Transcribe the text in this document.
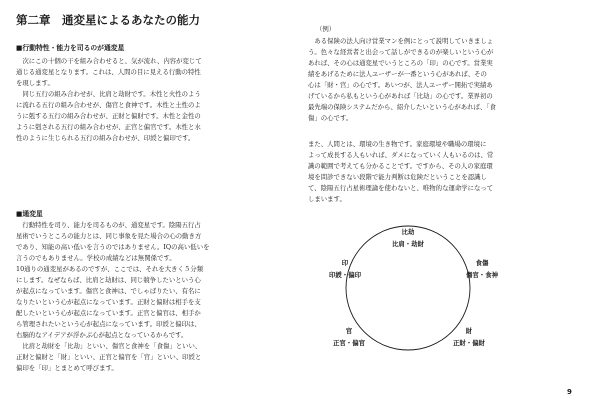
第二章　通変星によるあなたの能力
■行動特性・能力を司るのが通変星
　次にこの十個の干を組み合わせると、気が流れ、内容が変じて
通じる通変星となります。これは、人間の目に見える行動の特性
を現します。
　同じ五行の組み合わせが、比肩と劫財です。木性と火性のよう
に流れる五行の組み合わせが、傷官と食神です。木性と土性のよ
うに剋する五行の組み合わせが、正財と偏財です。木性と金性の
ように剋される五行の組み合わせが、正官と偏官です。木性と水
性のように生じられる五行の組み合わせが、印綬と偏印です。
■通変星
　行動特性を司り、能力を司るものが、通変星です。陰陽五行占
星術でいうところの能力とは、同じ事象を見た場合の心の動き方
であり、知能の高い低いを言うのではありません。IQの高い低いを
言うのでもありません。学校の成績などは無関係です。
10通りの通変星があるのですが、ここでは、それを大きく５分類
にします。なぜならば、比肩と劫財は、同じ競争したいという心
が起点になっています。傷官と食神は、でしゃばりたい、有名に
なりたいという心が起点になっています。正財と偏財は相手を支
配したいという心が起点になっています。正官と偏官は、相手か
ら管理されたいという心が起点になっています。印綬と偏印は、
右脳的なアイデアが浮かぶ心が起点となっているからです。
　比肩と劫財を「比劫」といい、傷官と食神を「食傷」といい、
正財と偏財と「財」といい、正官と偏官を「官」といい、印綬と
偏印を「印」とまとめて呼びます。
（例）
　ある保険の法人向け営業マンを例にとって説明していきましょ
う。色々な経営者と出会って話しができるのが楽しいという心が
あれば、その心は通変星でいうところの「印」の心です。営業実
績をあげるために法人ユーザーが一番という心があれば、その
心は「財・官」の心です。あいつが、法人ユーザー開拓で実績あ
げているから私もという心があれば「比劫」の心です。業界初の
最先端の保険システムだから、紹介したいという心があれば、「食
傷」の心です。
また、人間とは、環境の生き物です。家庭環境や職場の環境に
よって成長する人もいれば、ダメになっていく人もいるのは、常
識の範囲で考えても分かることです。ですから、その人の家庭環
境を問診できない段階で能力判断は危険だということを認識し
て、陰陽五行占星術理論を使わないと、唯物的な運命学になって
しまいます。
比劫
比肩・劫財
食傷
傷官・食神
財
正財・偏財
官
正官・偏官
印
印綬・偏印
9
